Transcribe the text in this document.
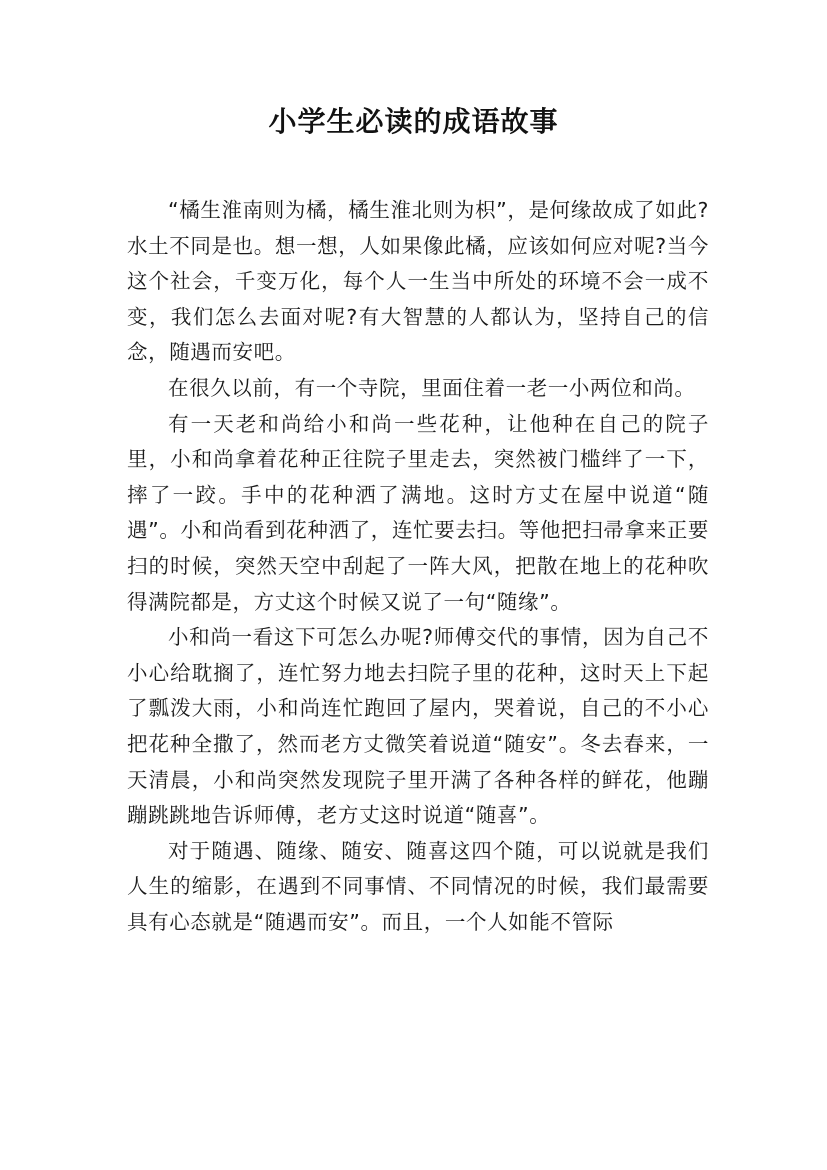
小学生必读的成语故事

“橘生淮南则为橘，橘生淮北则为枳”，是何缘故成了如此?水土不同是也。想一想，人如果像此橘，应该如何应对呢?当今这个社会，千变万化，每个人一生当中所处的环境不会一成不变，我们怎么去面对呢?有大智慧的人都认为，坚持自己的信念，随遇而安吧。

在很久以前，有一个寺院，里面住着一老一小两位和尚。

有一天老和尚给小和尚一些花种，让他种在自己的院子里，小和尚拿着花种正往院子里走去，突然被门槛绊了一下，摔了一跤。手中的花种洒了满地。这时方丈在屋中说道“随遇”。小和尚看到花种洒了，连忙要去扫。等他把扫帚拿来正要扫的时候，突然天空中刮起了一阵大风，把散在地上的花种吹得满院都是，方丈这个时候又说了一句“随缘”。

小和尚一看这下可怎么办呢?师傅交代的事情，因为自己不小心给耽搁了，连忙努力地去扫院子里的花种，这时天上下起了瓢泼大雨，小和尚连忙跑回了屋内，哭着说，自己的不小心把花种全撒了，然而老方丈微笑着说道“随安”。冬去春来，一天清晨，小和尚突然发现院子里开满了各种各样的鲜花，他蹦蹦跳跳地告诉师傅，老方丈这时说道“随喜”。

对于随遇、随缘、随安、随喜这四个随，可以说就是我们人生的缩影，在遇到不同事情、不同情况的时候，我们最需要具有心态就是“随遇而安”。而且，一个人如能不管际
